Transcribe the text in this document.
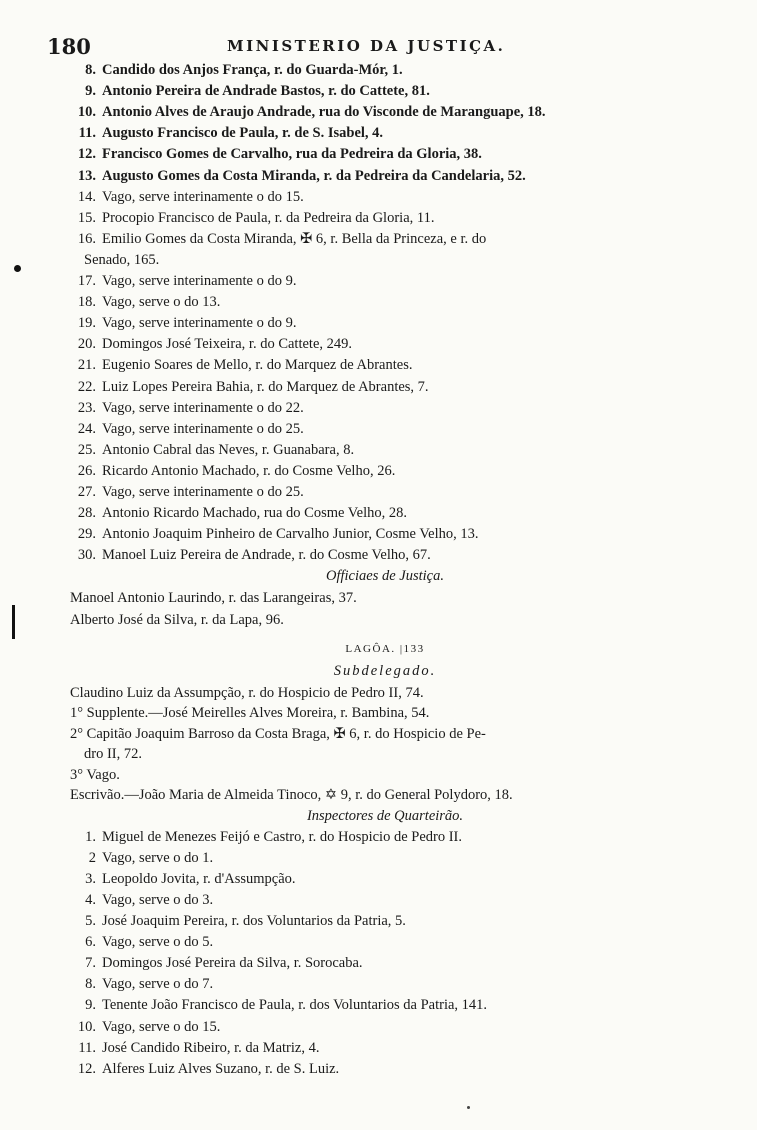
180	MINISTERIO DA JUSTIÇA.
8. Candido dos Anjos França, r. do Guarda-Mór, 1.
9. Antonio Pereira de Andrade Bastos, r. do Cattete, 81.
10. Antonio Alves de Araujo Andrade, rua do Visconde de Maranguape, 18.
11. Augusto Francisco de Paula, r. de S. Isabel, 4.
12. Francisco Gomes de Carvalho, rua da Pedreira da Gloria, 38.
13. Augusto Gomes da Costa Miranda, r. da Pedreira da Candelaria, 52.
14. Vago, serve interinamente o do 15.
15. Procopio Francisco de Paula, r. da Pedreira da Gloria, 11.
16. Emilio Gomes da Costa Miranda, ✠ 6, r. Bella da Princeza, e r. do
Senado, 165.
17. Vago, serve interinamente o do 9.
18. Vago, serve o do 13.
19. Vago, serve interinamente o do 9.
20. Domingos José Teixeira, r. do Cattete, 249.
21. Eugenio Soares de Mello, r. do Marquez de Abrantes.
22. Luiz Lopes Pereira Bahia, r. do Marquez de Abrantes, 7.
23. Vago, serve interinamente o do 22.
24. Vago, serve interinamente o do 25.
25. Antonio Cabral das Neves, r. Guanabara, 8.
26. Ricardo Antonio Machado, r. do Cosme Velho, 26.
27. Vago, serve interinamente o do 25.
28. Antonio Ricardo Machado, rua do Cosme Velho, 28.
29. Antonio Joaquim Pinheiro de Carvalho Junior, Cosme Velho, 13.
30. Manoel Luiz Pereira de Andrade, r. do Cosme Velho, 67.
Officiaes de Justiça.
Manoel Antonio Laurindo, r. das Larangeiras, 37.
Alberto José da Silva, r. da Lapa, 96.
LAGÔA. |133
Subdelegado.
Claudino Luiz da Assumpção, r. do Hospicio de Pedro II, 74.
1° Supplente.—José Meirelles Alves Moreira, r. Bambina, 54.
2° Capitão Joaquim Barroso da Costa Braga, ✠ 6, r. do Hospicio de Pe-
dro II, 72.
3° Vago.
Escrivão.—João Maria de Almeida Tinoco, ✡ 9, r. do General Polydoro, 18.
Inspectores de Quarteirão.
1. Miguel de Menezes Feijó e Castro, r. do Hospicio de Pedro II.
2 Vago, serve o do 1.
3. Leopoldo Jovita, r. d'Assumpção.
4. Vago, serve o do 3.
5. José Joaquim Pereira, r. dos Voluntarios da Patria, 5.
6. Vago, serve o do 5.
7. Domingos José Pereira da Silva, r. Sorocaba.
8. Vago, serve o do 7.
9. Tenente João Francisco de Paula, r. dos Voluntarios da Patria, 141.
10. Vago, serve o do 15.
11. José Candido Ribeiro, r. da Matriz, 4.
12. Alferes Luiz Alves Suzano, r. de S. Luiz.
